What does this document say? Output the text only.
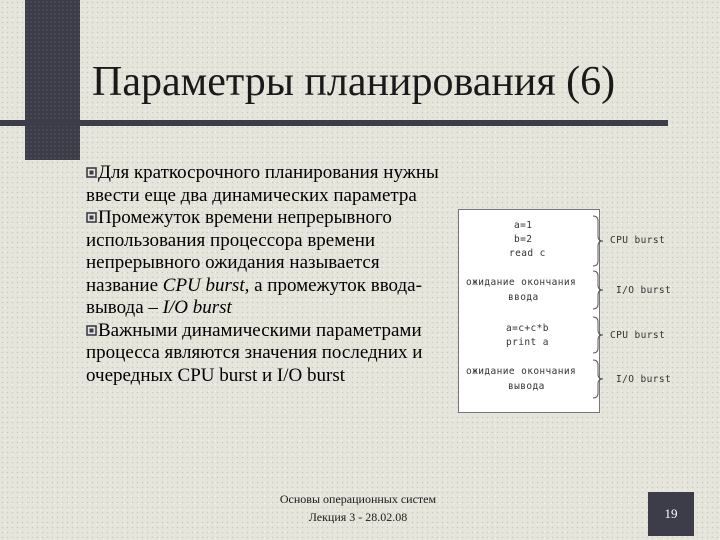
Параметры планирования (6)

Для краткосрочного планирования нужны ввести еще два динамических параметра

Промежуток времени непрерывного использования процессора времени непрерывного ожидания называется название CPU burst, а промежуток ввода-вывода – I/O burst

Важными динамическими параметрами процесса являются значения последних и очередных CPU burst и I/O burst

a=1
b=2
read c
ожидание окончания
ввода
a=c+c*b
print a
ожидание окончания
вывода
CPU burst
I/O burst
CPU burst
I/O burst
Основы операционных систем
Лекция 3 - 28.02.08	19
